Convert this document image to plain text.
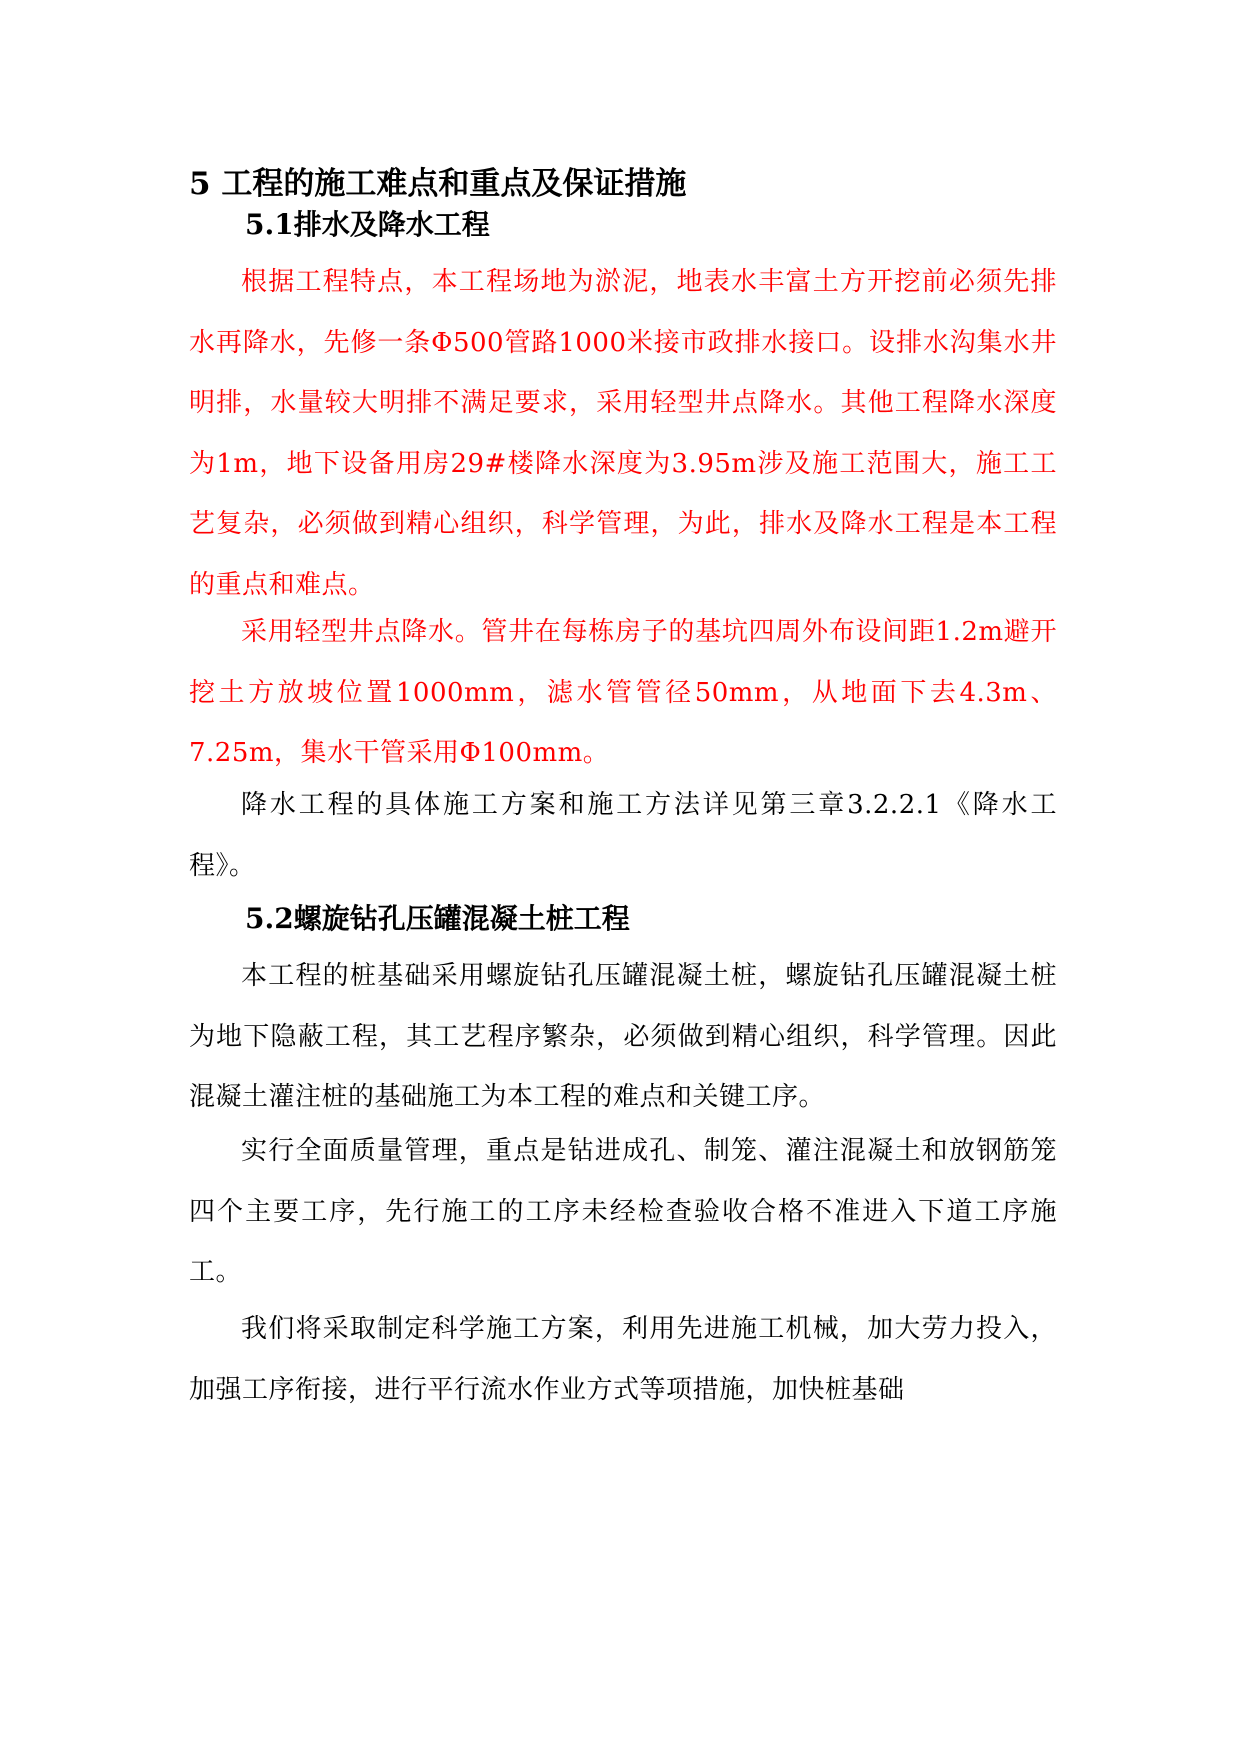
5 工程的施工难点和重点及保证措施
5.1排水及降水工程

根据工程特点，本工程场地为淤泥，地表水丰富土方开挖前必须先排水再降水，先修一条Φ500管路1000米接市政排水接口。设排水沟集水井明排，水量较大明排不满足要求，采用轻型井点降水。其他工程降水深度为1m，地下设备用房29#楼降水深度为3.95m涉及施工范围大，施工工艺复杂，必须做到精心组织，科学管理，为此，排水及降水工程是本工程的重点和难点。

采用轻型井点降水。管井在每栋房子的基坑四周外布设间距1.2m避开挖土方放坡位置1000mm，滤水管管径50mm，从地面下去4.3m、7.25m，集水干管采用Φ100mm。

降水工程的具体施工方案和施工方法详见第三章3.2.2.1《降水工程》。

5.2螺旋钻孔压罐混凝土桩工程

本工程的桩基础采用螺旋钻孔压罐混凝土桩，螺旋钻孔压罐混凝土桩为地下隐蔽工程，其工艺程序繁杂，必须做到精心组织，科学管理。因此混凝土灌注桩的基础施工为本工程的难点和关键工序。

实行全面质量管理，重点是钻进成孔、制笼、灌注混凝土和放钢筋笼四个主要工序，先行施工的工序未经检查验收合格不准进入下道工序施工。

我们将采取制定科学施工方案，利用先进施工机械，加大劳力投入，加强工序衔接，进行平行流水作业方式等项措施，加快桩基础
